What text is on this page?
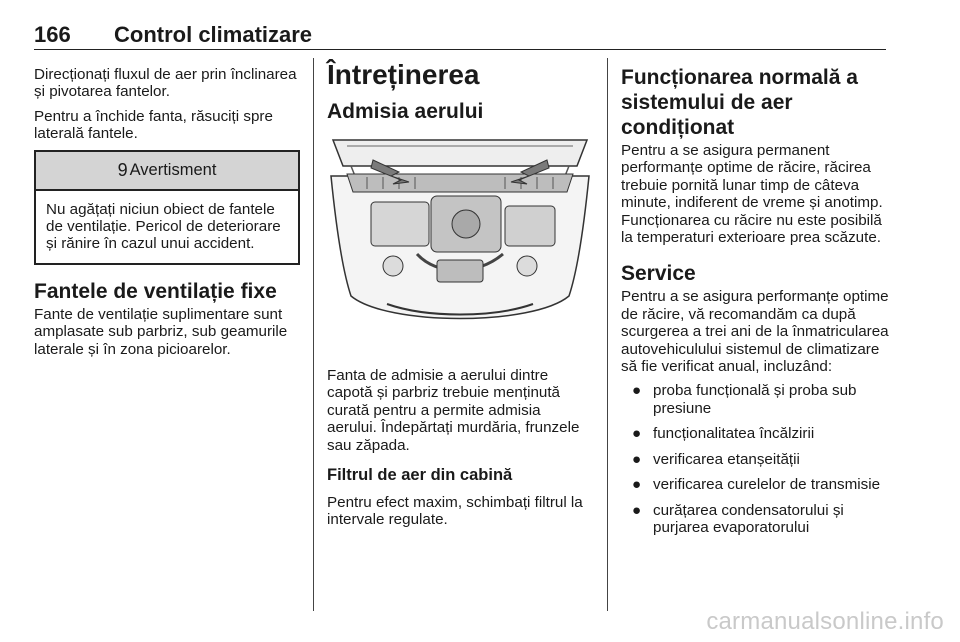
166 Control climatizare

Direcționați fluxul de aer prin înclinarea și pivotarea fantelor.

Pentru a închide fanta, răsuciți spre laterală fantele.

9 Avertisment
Nu agățați niciun obiect de fantele de ventilație. Pericol de deteriorare și rănire în cazul unui accident.
Fantele de ventilație fixe

Fante de ventilație suplimentare sunt amplasate sub parbriz, sub geamurile laterale și în zona picioarelor.

Întreținerea
Admisia aerului

Fanta de admisie a aerului dintre capotă și parbriz trebuie menținută curată pentru a permite admisia aerului. Îndepărtați murdăria, frunzele sau zăpada.

Filtrul de aer din cabină

Pentru efect maxim, schimbați filtrul la intervale regulate.

Funcționarea normală a sistemului de aer condiționat

Pentru a se asigura permanent performanțe optime de răcire, răcirea trebuie pornită lunar timp de câteva minute, indiferent de vreme și anotimp. Funcționarea cu răcire nu este posibilă la temperaturi exterioare prea scăzute.

Service

Pentru a se asigura performanțe optime de răcire, vă recomandăm ca după scurgerea a trei ani de la înmatricularea autovehiculului sistemul de climatizare să fie verificat anual, incluzând:

● proba funcțională și proba sub presiune
● funcționalitatea încălzirii
● verificarea etanșeității
● verificarea curelelor de transmisie
● curățarea condensatorului și purjarea evaporatorului
carmanualsonline.info
